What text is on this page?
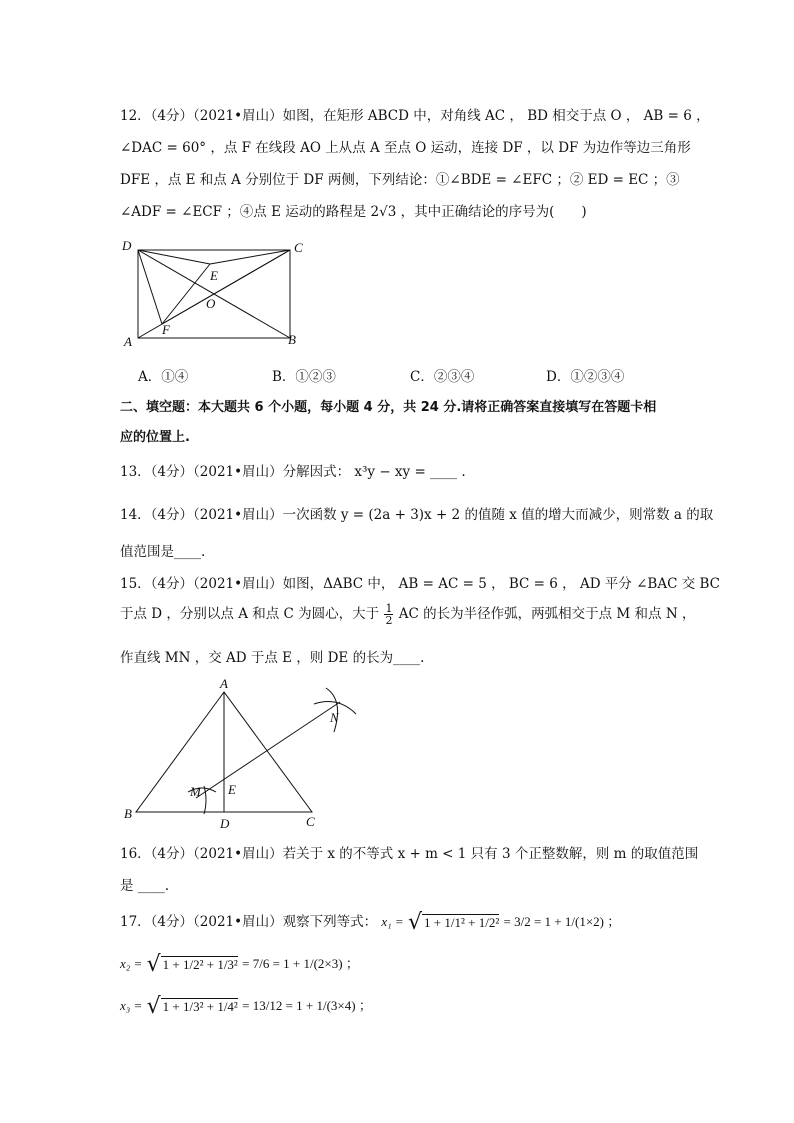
12．（4分）（2021•眉山）如图，在矩形 ABCD 中，对角线 AC ， BD 相交于点 O ， AB = 6 ，
∠DAC = 60° ，点 F 在线段 AO 上从点 A 至点 O 运动，连接 DF ，以 DF 为边作等边三角形
DFE ，点 E 和点 A 分别位于 DF 两侧，下列结论：①∠BDE = ∠EFC ；② ED = EC ；③
∠ADF = ∠ECF ；④点 E 运动的路程是 2√3 ，其中正确结论的序号为(　　)
D	C
A	B
E
O
F
A．①④	B．①②③	C．②③④	D．①②③④
二、填空题：本大题共 6 个小题，每小题 4 分，共 24 分.请将正确答案直接填写在答题卡相
应的位置上.
13．（4分）（2021•眉山）分解因式： x³y − xy = ____ .
14．（4分）（2021•眉山）一次函数 y = (2a + 3)x + 2 的值随 x 值的增大而减少，则常数 a 的取
值范围是____.
15．（4分）（2021•眉山）如图，ΔABC 中， AB = AC = 5 ， BC = 6 ， AD 平分 ∠BAC 交 BC
于点 D ，分别以点 A 和点 C 为圆心，大于 $\frac{1}{2}$ AC 的长为半径作弧，两弧相交于点 M 和点 N ，
作直线 MN ，交 AD 于点 E ，则 DE 的长为____.
A
B
C
D
E
M
N
16．（4分）（2021•眉山）若关于 x 的不等式 x + m < 1 只有 3 个正整数解，则 m 的取值范围
是 ____.
17．（4分）（2021•眉山）观察下列等式： x₁ = √ 1 + 1/1² + 1/2² = 3/2 = 1 + 1/(1×2) ；
x₂ = √ 1 + 1/2² + 1/3² = 7/6 = 1 + 1/(2×3) ；
x₃ = √ 1 + 1/3² + 1/4² = 13/12 = 1 + 1/(3×4) ；
